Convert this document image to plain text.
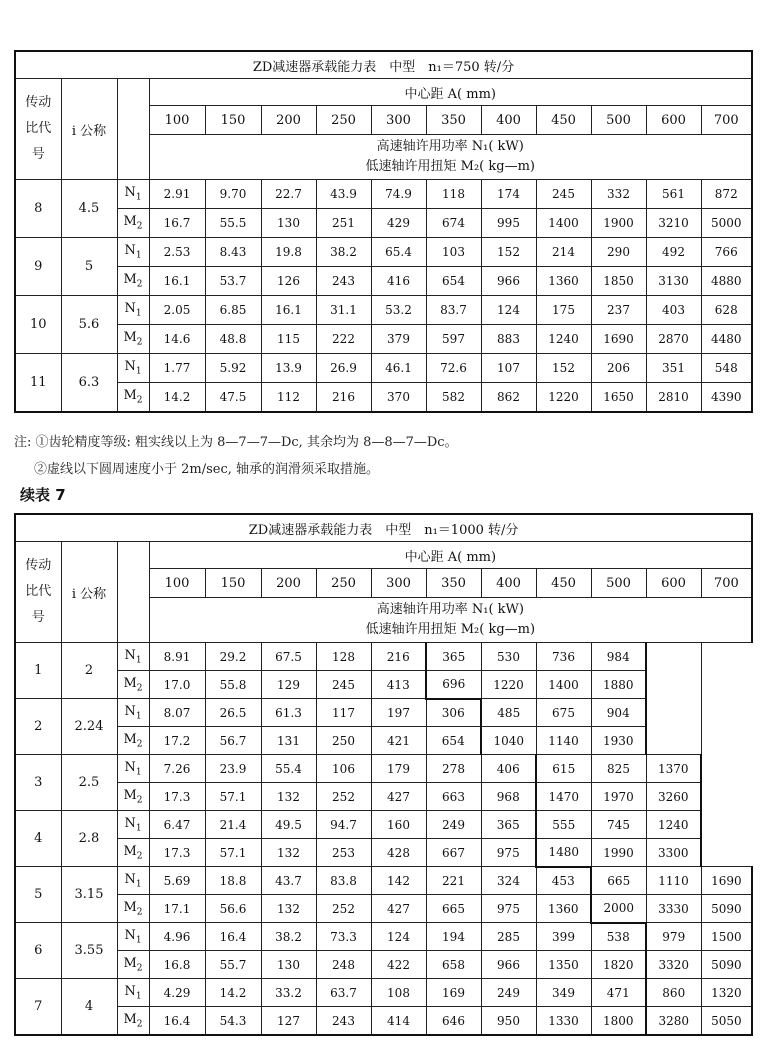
ZD减速器承载能力表　中型　n₁＝750 转/分													

传动
比代
号	i 公称		中心距 A( mm)										
			100	150	200	250	300	350	400	450	500	600	700

			高速轴许用功率 N₁( kW)
低速轴许用扭矩 M₂( kg—m)										

8	4.5	$N_1$	2.91	9.70	22.7	43.9	74.9	118	174	245	332	561	872
		$M_2$	16.7	55.5	130	251	429	674	995	1400	1900	3210	5000
9	5	$N_1$	2.53	8.43	19.8	38.2	65.4	103	152	214	290	492	766
		$M_2$	16.1	53.7	126	243	416	654	966	1360	1850	3130	4880
10	5.6	$N_1$	2.05	6.85	16.1	31.1	53.2	83.7	124	175	237	403	628
		$M_2$	14.6	48.8	115	222	379	597	883	1240	1690	2870	4480
11	6.3	$N_1$	1.77	5.92	13.9	26.9	46.1	72.6	107	152	206	351	548
		$M_2$	14.2	47.5	112	216	370	582	862	1220	1650	2810	4390
注: ①齿轮精度等级: 粗实线以上为 8—7—7—Dc, 其余均为 8—8—7—Dc。
②虚线以下圆周速度小于 2m/sec, 轴承的润滑须采取措施。
续表 7
ZD减速器承载能力表　中型　n₁＝1000 转/分													

传动
比代
号	i 公称		中心距 A( mm)										
			100	150	200	250	300	350	400	450	500	600	700

			高速轴许用功率 N₁( kW)
低速轴许用扭矩 M₂( kg—m)										

1	2	$N_1$	8.91	29.2	67.5	128	216	365	530	736	984		
		$M_2$	17.0	55.8	129	245	413	696	1220	1400	1880		
2	2.24	$N_1$	8.07	26.5	61.3	117	197	306	485	675	904		
		$M_2$	17.2	56.7	131	250	421	654	1040	1140	1930		
3	2.5	$N_1$	7.26	23.9	55.4	106	179	278	406	615	825	1370	
		$M_2$	17.3	57.1	132	252	427	663	968	1470	1970	3260	
4	2.8	$N_1$	6.47	21.4	49.5	94.7	160	249	365	555	745	1240	
		$M_2$	17.3	57.1	132	253	428	667	975	1480	1990	3300	
5	3.15	$N_1$	5.69	18.8	43.7	83.8	142	221	324	453	665	1110	1690
		$M_2$	17.1	56.6	132	252	427	665	975	1360	2000	3330	5090
6	3.55	$N_1$	4.96	16.4	38.2	73.3	124	194	285	399	538	979	1500
		$M_2$	16.8	55.7	130	248	422	658	966	1350	1820	3320	5090
7	4	$N_1$	4.29	14.2	33.2	63.7	108	169	249	349	471	860	1320
		$M_2$	16.4	54.3	127	243	414	646	950	1330	1800	3280	5050
